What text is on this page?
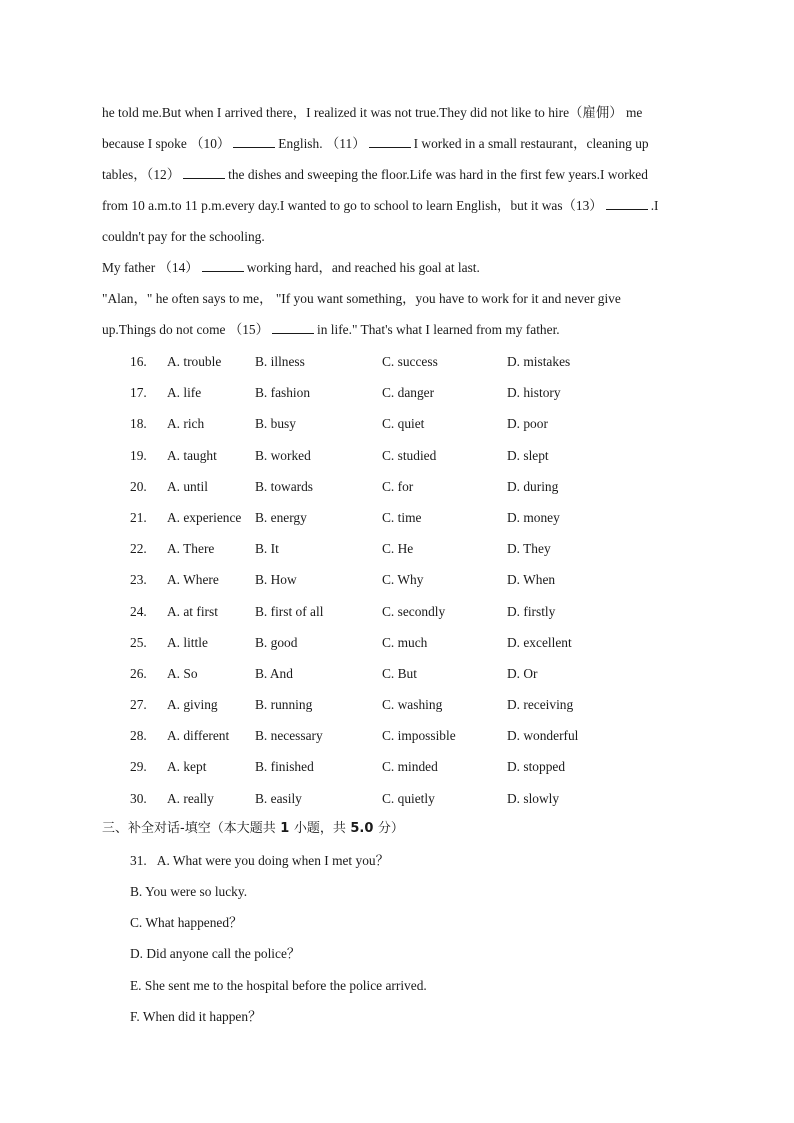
he told me.But when I arrived there，I realized it was not true.They did not like to hire（雇佣） me
because I spoke （10）	English. （11）	I worked in a small restaurant，cleaning up
tables，（12）	the dishes and sweeping the floor.Life was hard in the first few years.I worked
from 10 a.m.to 11 p.m.every day.I wanted to go to school to learn English，but it was（13）	.I
couldn't pay for the schooling.
My father （14）	working hard，and reached his goal at last.
"Alan，" he often says to me， "If you want something，you have to work for it and never give
up.Things do not come （15）	in life." That's what I learned from my father.
16. A. trouble	B. illness	C. success	D. mistakes
17. A. life	B. fashion	C. danger	D. history
18. A. rich	B. busy	C. quiet	D. poor
19. A. taught	B. worked	C. studied	D. slept
20. A. until	B. towards	C. for	D. during
21. A. experience B. energy	C. time	D. money
22. A. There	B. It	C. He	D. They
23. A. Where	B. How	C. Why	D. When
24. A. at first	B. first of all	C. secondly	D. firstly
25. A. little	B. good	C. much	D. excellent
26. A. So	B. And	C. But	D. Or
27. A. giving	B. running	C. washing	D. receiving
28. A. different B. necessary	C. impossible	D. wonderful
29. A. kept	B. finished	C. minded	D. stopped
30. A. really	B. easily	C. quietly	D. slowly
三、补全对话-填空（本大题共 1 小题，共 5.0 分）
31. A. What were you doing when I met you？
B. You were so lucky.
C. What happened？
D. Did anyone call the police？
E. She sent me to the hospital before the police arrived.
F. When did it happen？
